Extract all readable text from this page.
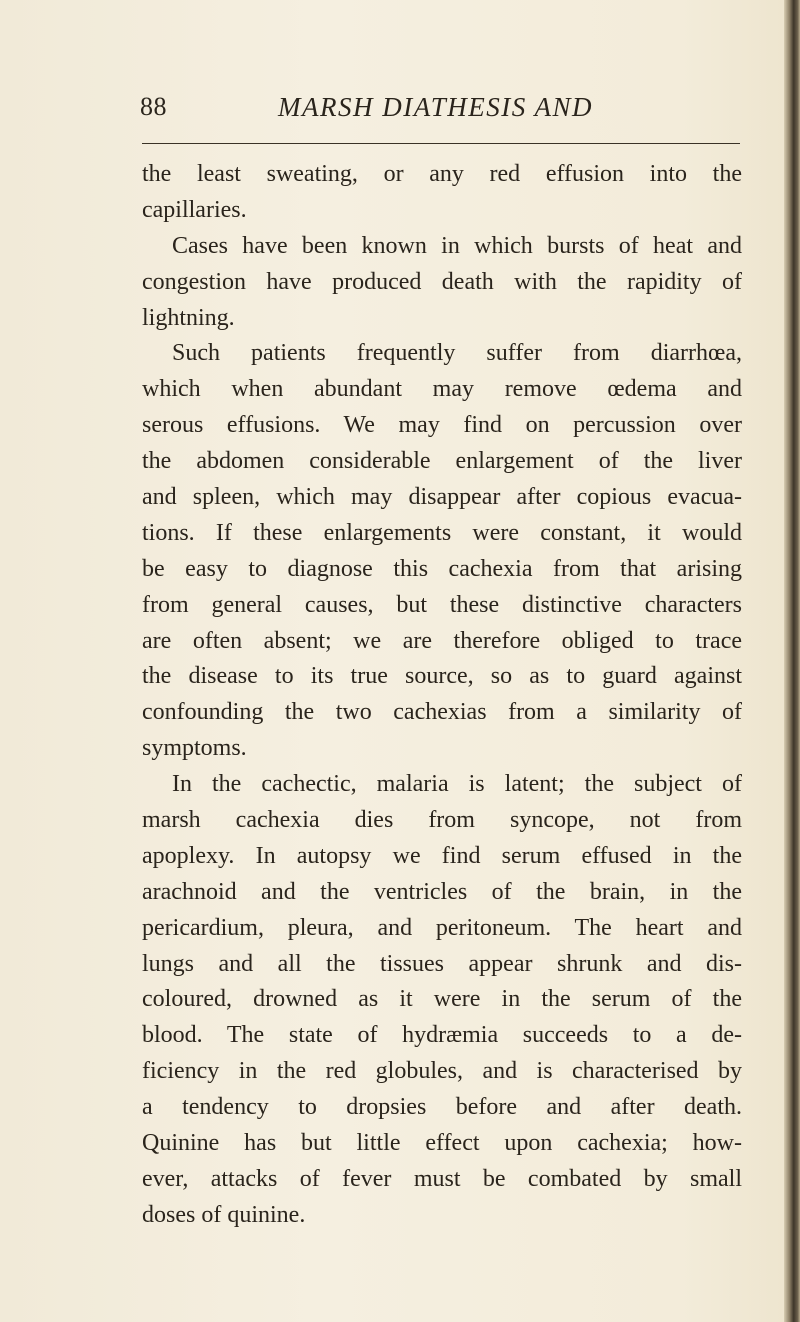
88	MARSH DIATHESIS AND
the least sweating, or any red effusion into the
capillaries.
Cases have been known in which bursts of heat and
congestion have produced death with the rapidity of
lightning.
Such patients frequently suffer from diarrhœa,
which when abundant may remove œdema and
serous effusions. We may find on percussion over
the abdomen considerable enlargement of the liver
and spleen, which may disappear after copious evacua-
tions. If these enlargements were constant, it would
be easy to diagnose this cachexia from that arising
from general causes, but these distinctive characters
are often absent; we are therefore obliged to trace
the disease to its true source, so as to guard against
confounding the two cachexias from a similarity of
symptoms.
In the cachectic, malaria is latent; the subject of
marsh cachexia dies from syncope, not from
apoplexy. In autopsy we find serum effused in the
arachnoid and the ventricles of the brain, in the
pericardium, pleura, and peritoneum. The heart and
lungs and all the tissues appear shrunk and dis-
coloured, drowned as it were in the serum of the
blood. The state of hydræmia succeeds to a de-
ficiency in the red globules, and is characterised by
a tendency to dropsies before and after death.
Quinine has but little effect upon cachexia; how-
ever, attacks of fever must be combated by small
doses of quinine.
